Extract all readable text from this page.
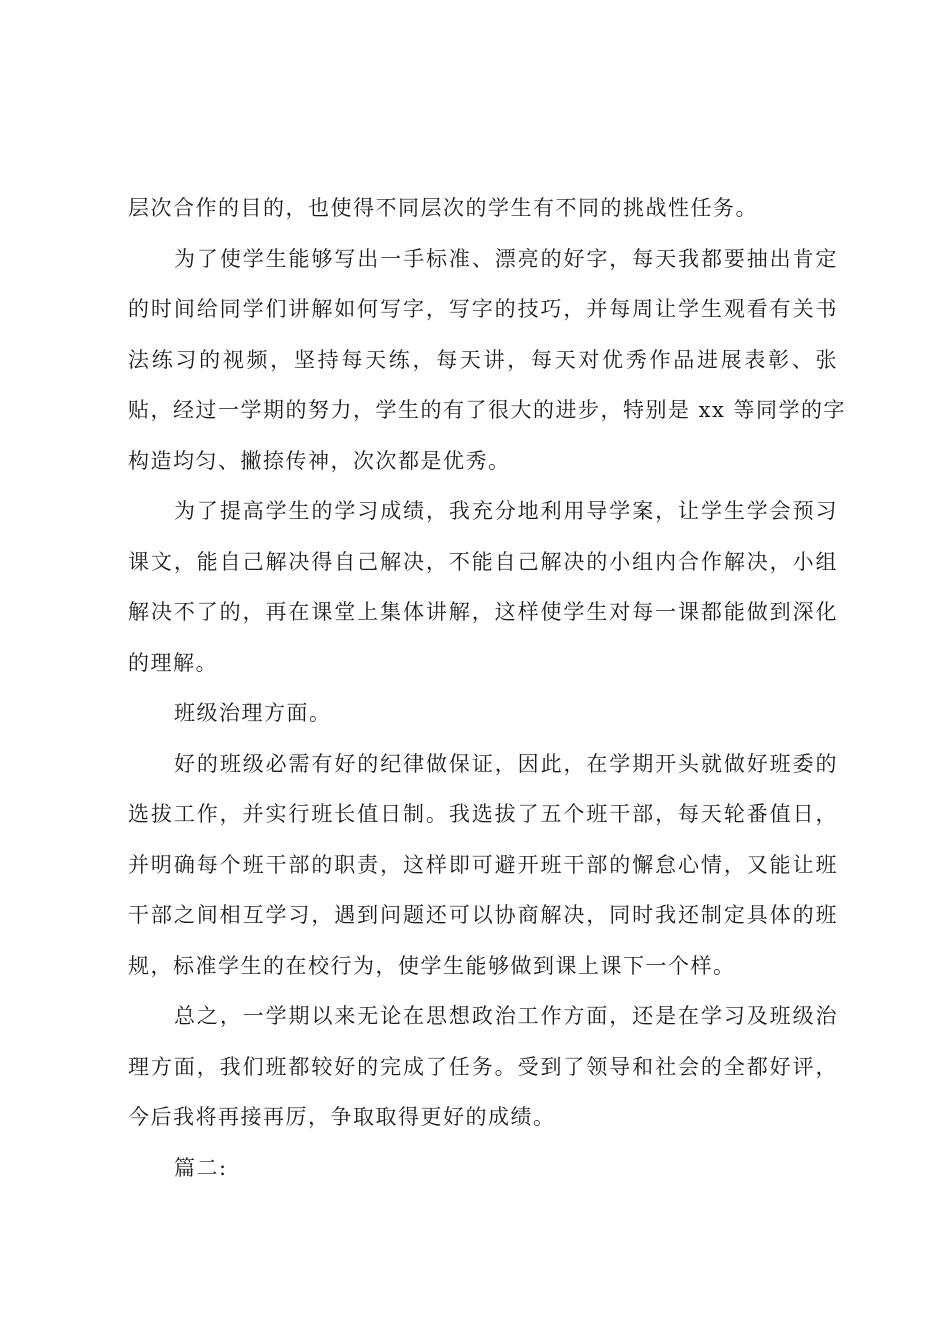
层次合作的目的，也使得不同层次的学生有不同的挑战性任务。
为了使学生能够写出一手标准、漂亮的好字，每天我都要抽出肯定
的时间给同学们讲解如何写字，写字的技巧，并每周让学生观看有关书
法练习的视频，坚持每天练，每天讲，每天对优秀作品进展表彰、张
贴，经过一学期的努力，学生的有了很大的进步，特别是 xx 等同学的字
构造均匀、撇捺传神，次次都是优秀。
为了提高学生的学习成绩，我充分地利用导学案，让学生学会预习
课文，能自己解决得自己解决，不能自己解决的小组内合作解决，小组
解决不了的，再在课堂上集体讲解，这样使学生对每一课都能做到深化
的理解。
班级治理方面。
好的班级必需有好的纪律做保证，因此，在学期开头就做好班委的
选拔工作，并实行班长值日制。我选拔了五个班干部，每天轮番值日，
并明确每个班干部的职责，这样即可避开班干部的懈怠心情，又能让班
干部之间相互学习，遇到问题还可以协商解决，同时我还制定具体的班
规，标准学生的在校行为，使学生能够做到课上课下一个样。
总之，一学期以来无论在思想政治工作方面，还是在学习及班级治
理方面，我们班都较好的完成了任务。受到了领导和社会的全都好评，
今后我将再接再厉，争取取得更好的成绩。
篇二:
